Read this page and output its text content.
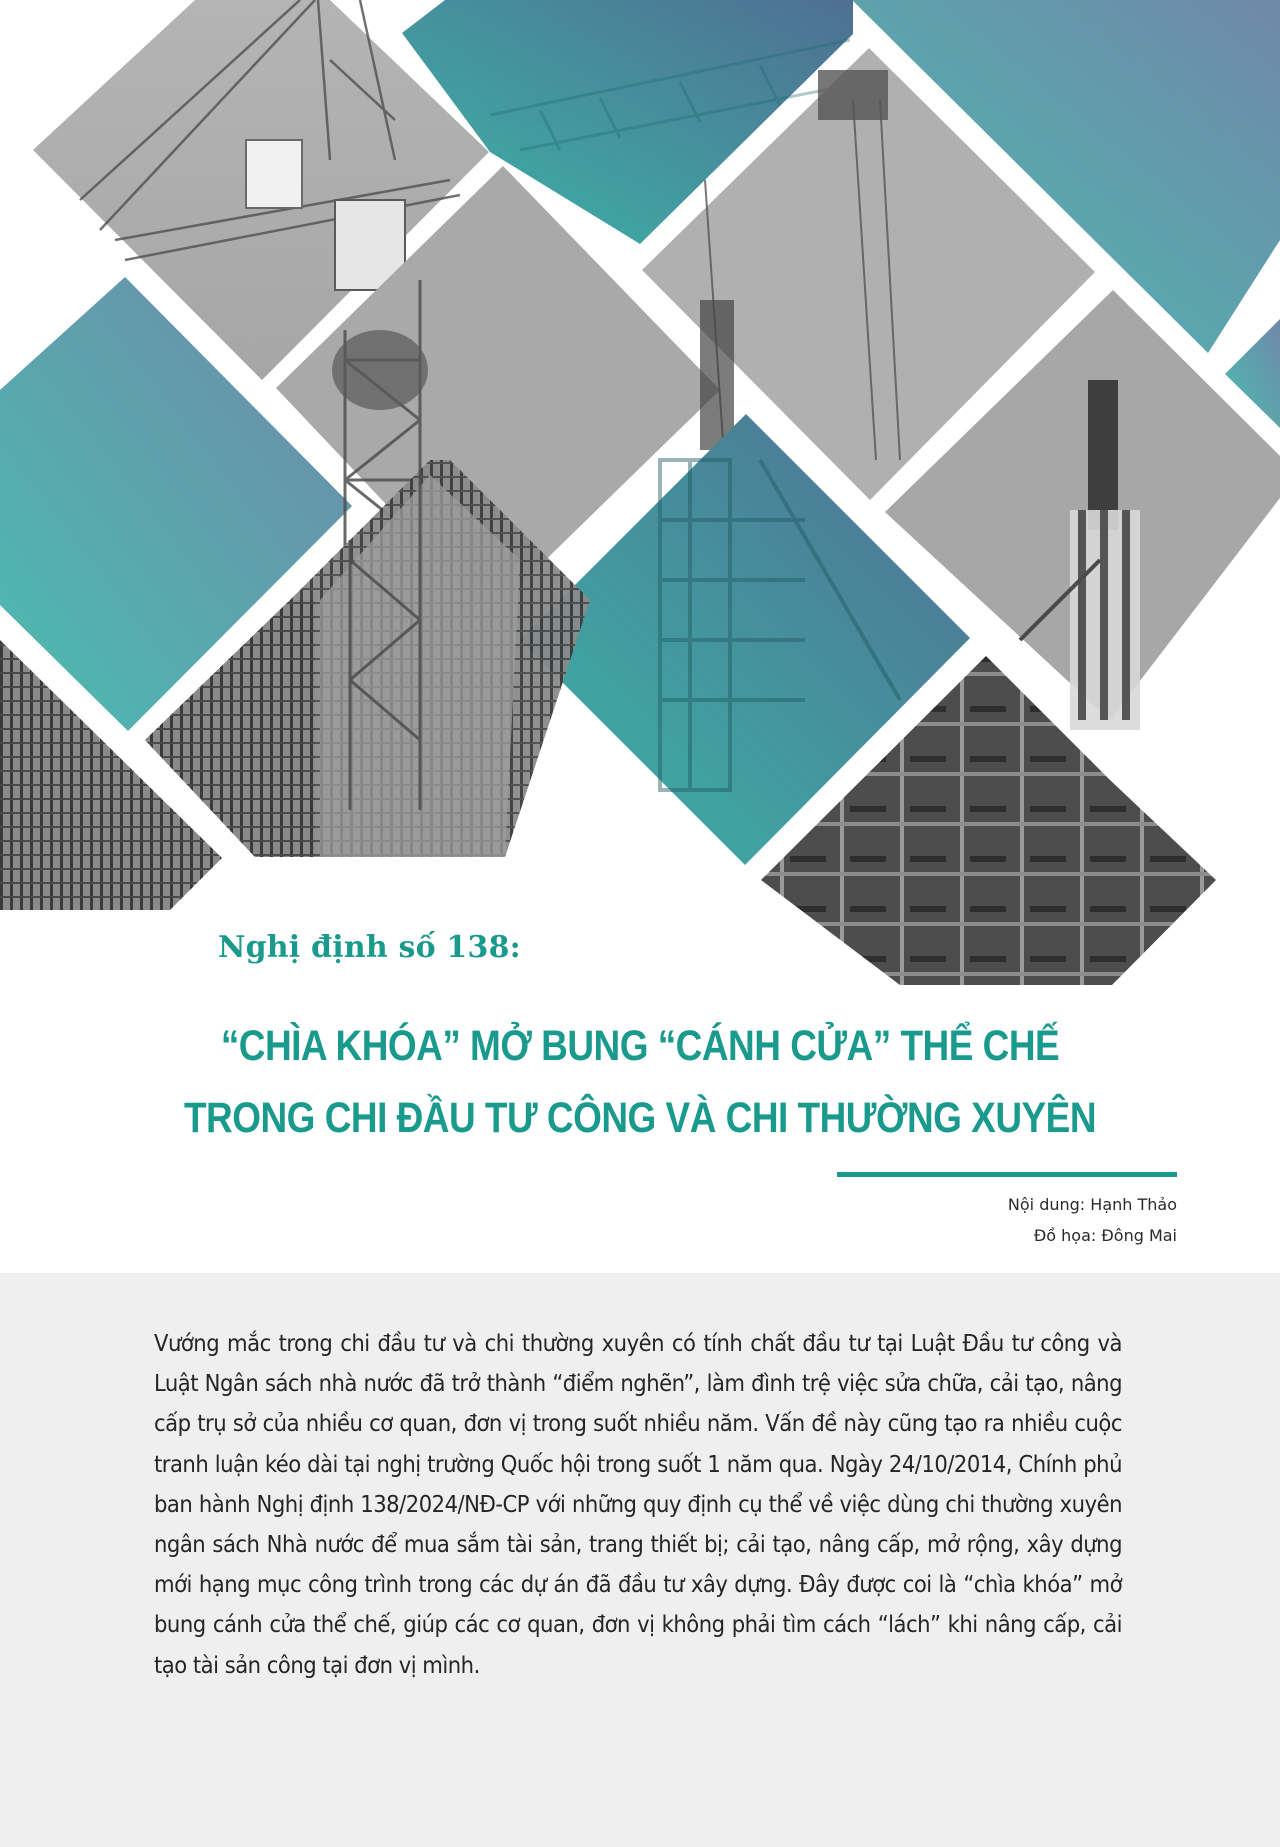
Nghị định số 138:
“CHÌA KHÓA” MỞ BUNG “CÁNH CỬA” THỂ CHẾ
TRONG CHI ĐẦU TƯ CÔNG VÀ CHI THƯỜNG XUYÊN
Nội dung: Hạnh Thảo
Đồ họa: Đông Mai
Vướng mắc trong chi đầu tư và chi thường xuyên có tính chất đầu tư tại Luật Đầu tư công và Luật Ngân sách nhà nước đã trở thành “điểm nghẽn”, làm đình trệ việc sửa chữa, cải tạo, nâng cấp trụ sở của nhiều cơ quan, đơn vị trong suốt nhiều năm. Vấn đề này cũng tạo ra nhiều cuộc tranh luận kéo dài tại nghị trường Quốc hội trong suốt 1 năm qua. Ngày 24/10/2014, Chính phủ ban hành Nghị định 138/2024/NĐ-CP với những quy định cụ thể về việc dùng chi thường xuyên ngân sách Nhà nước để mua sắm tài sản, trang thiết bị; cải tạo, nâng cấp, mở rộng, xây dựng mới hạng mục công trình trong các dự án đã đầu tư xây dựng. Đây được coi là “chìa khóa” mở bung cánh cửa thể chế, giúp các cơ quan, đơn vị không phải tìm cách “lách” khi nâng cấp, cải tạo tài sản công tại đơn vị mình.
